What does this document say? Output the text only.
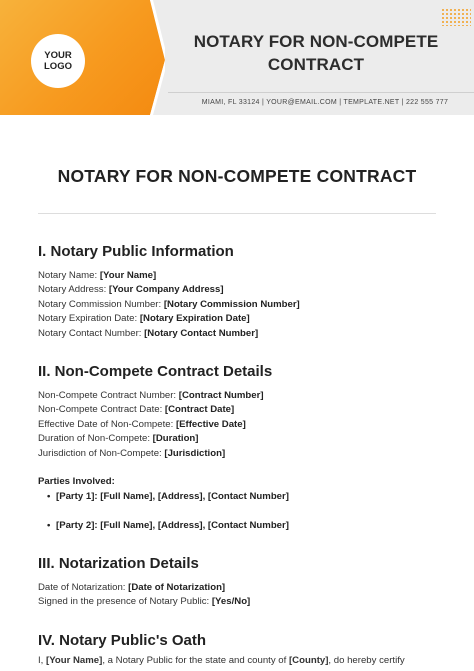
YOUR
LOGO
NOTARY FOR NON-COMPETE
CONTRACT
MIAMI, FL 33124 | YOUR@EMAIL.COM | TEMPLATE.NET | 222 555 777
NOTARY FOR NON-COMPETE CONTRACT
I. Notary Public Information
Notary Name: [Your Name]
Notary Address: [Your Company Address]
Notary Commission Number: [Notary Commission Number]
Notary Expiration Date: [Notary Expiration Date]
Notary Contact Number: [Notary Contact Number]
II. Non-Compete Contract Details
Non-Compete Contract Number: [Contract Number]
Non-Compete Contract Date: [Contract Date]
Effective Date of Non-Compete: [Effective Date]
Duration of Non-Compete: [Duration]
Jurisdiction of Non-Compete: [Jurisdiction]
Parties Involved:
• [Party 1]: [Full Name], [Address], [Contact Number]
• [Party 2]: [Full Name], [Address], [Contact Number]
III. Notarization Details
Date of Notarization: [Date of Notarization]
Signed in the presence of Notary Public: [Yes/No]
IV. Notary Public's Oath
I, [Your Name], a Notary Public for the state and county of [County], do hereby certify
